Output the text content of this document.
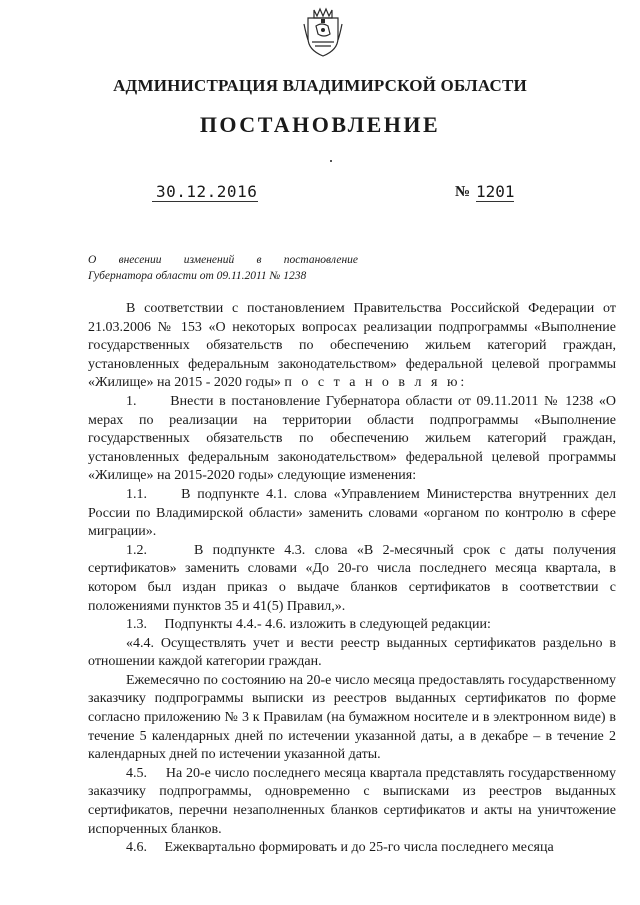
АДМИНИСТРАЦИЯ ВЛАДИМИРСКОЙ ОБЛАСТИ
ПОСТАНОВЛЕНИЕ
30.12.2016	№ 1201
О внесении изменений в постановление
Губернатора области от 09.11.2011 № 1238

В соответствии с постановлением Правительства Российской Федерации от 21.03.2006 № 153 «О некоторых вопросах реализации подпрограммы «Выполнение государственных обязательств по обеспечению жильем категорий граждан, установленных федеральным законодательством» федеральной целевой программы «Жилище» на 2015 - 2020 годы» п о с т а н о в л я ю:

1.      Внести в постановление Губернатора области от 09.11.2011 № 1238 «О мерах по реализации на территории области подпрограммы «Выполнение государственных обязательств по обеспечению жильем категорий граждан, установленных федеральным законодательством» федеральной целевой программы «Жилище» на 2015-2020 годы» следующие изменения:

1.1.     В подпункте 4.1. слова «Управлением Министерства внутренних дел России по Владимирской области» заменить словами «органом по контролю в сфере миграции».

1.2.     В подпункте 4.3. слова «В 2-месячный срок с даты получения сертификатов» заменить словами «До 20-го числа последнего месяца квартала, в котором был издан приказ о выдаче бланков сертификатов в соответствии с положениями пунктов 35 и 41(5) Правил,».

1.3.     Подпункты 4.4.- 4.6. изложить в следующей редакции:

«4.4. Осуществлять учет и вести реестр выданных сертификатов раздельно в отношении каждой категории граждан.

Ежемесячно по состоянию на 20-е число месяца предоставлять государственному заказчику подпрограммы выписки из реестров выданных сертификатов по форме согласно приложению № 3 к Правилам (на бумажном носителе и в электронном виде) в течение 5 календарных дней по истечении указанной даты, а в декабре – в течение 2 календарных дней по истечении указанной даты.

4.5.     На 20-е число последнего месяца квартала представлять государственному заказчику подпрограммы, одновременно с выписками из реестров выданных сертификатов, перечни незаполненных бланков сертификатов и акты на уничтожение испорченных бланков.

4.6.     Ежеквартально формировать и до 25-го числа последнего месяца
